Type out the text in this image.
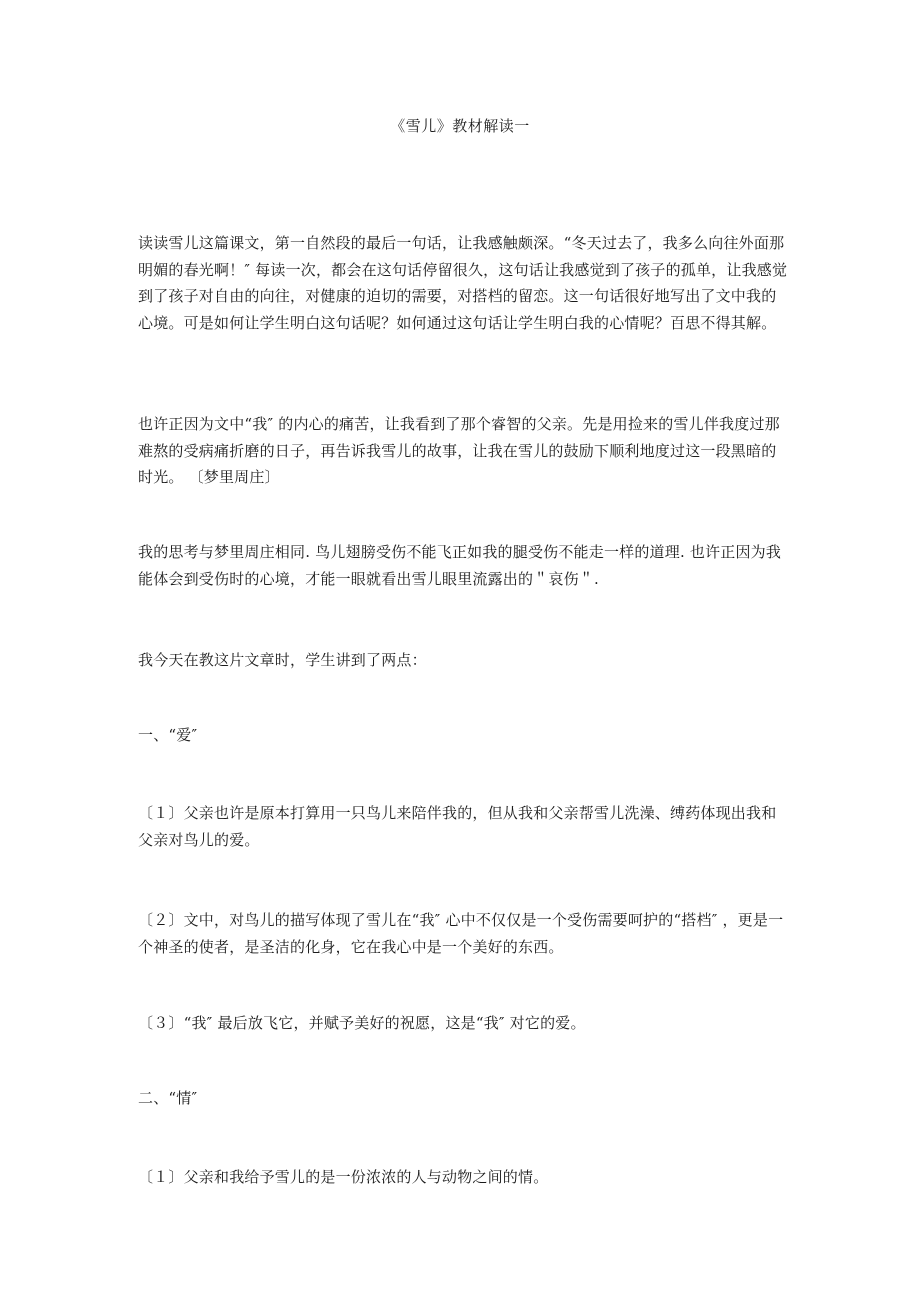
《雪儿》教材解读一

读读雪儿这篇课文，第一自然段的最后一句话，让我感触颇深。“冬天过去了，我多么向往外面那明媚的春光啊！″ 每读一次，都会在这句话停留很久，这句话让我感觉到了孩子的孤单，让我感觉到了孩子对自由的向往，对健康的迫切的需要，对搭档的留恋。这一句话很好地写出了文中我的心境。可是如何让学生明白这句话呢？如何通过这句话让学生明白我的心情呢？百思不得其解。

也许正因为文中“我″ 的内心的痛苦，让我看到了那个睿智的父亲。先是用捡来的雪儿伴我度过那难熬的受病痛折磨的日子，再告诉我雪儿的故事，让我在雪儿的鼓励下顺利地度过这一段黑暗的时光。 〔梦里周庄〕

我的思考与梦里周庄相同. 鸟儿翅膀受伤不能飞正如我的腿受伤不能走一样的道理. 也许正因为我能体会到受伤时的心境，才能一眼就看出雪儿眼里流露出的＂哀伤＂.

我今天在教这片文章时，学生讲到了两点：

一、“爱″

〔１〕父亲也许是原本打算用一只鸟儿来陪伴我的，但从我和父亲帮雪儿洗澡、缚药体现出我和父亲对鸟儿的爱。

〔２〕文中，对鸟儿的描写体现了雪儿在“我″ 心中不仅仅是一个受伤需要呵护的“搭档″ ，更是一个神圣的使者，是圣洁的化身，它在我心中是一个美好的东西。

〔３〕“我″ 最后放飞它，并赋予美好的祝愿，这是“我″ 对它的爱。

二、“情″

〔１〕父亲和我给予雪儿的是一份浓浓的人与动物之间的情。
